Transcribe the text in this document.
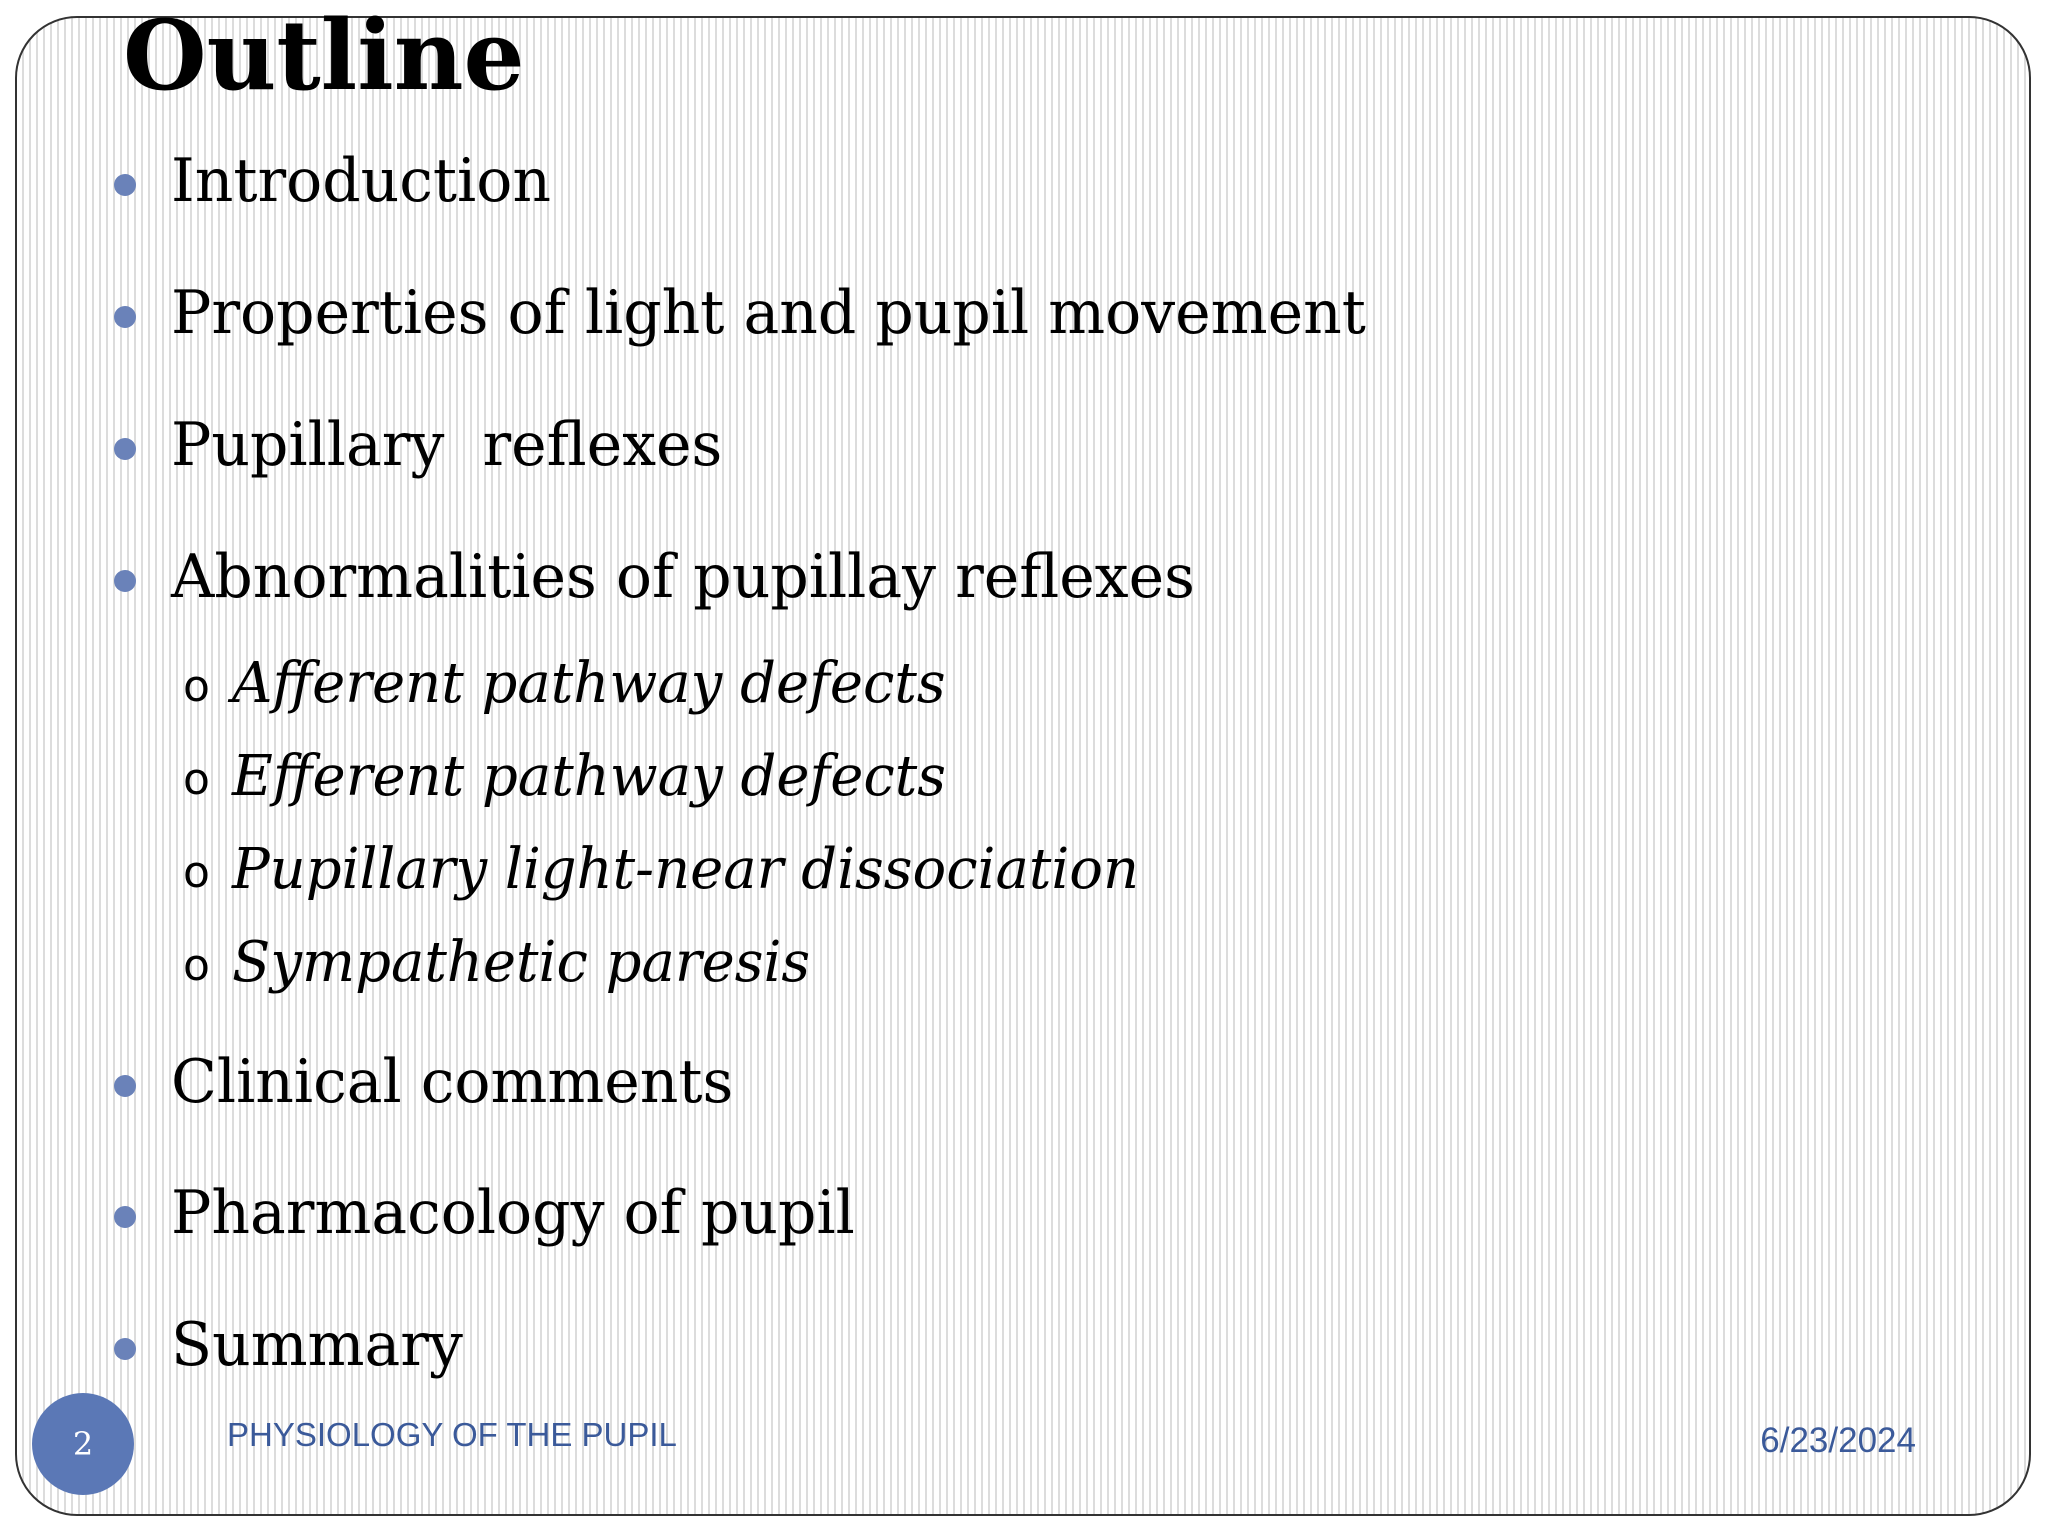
Outline
Introduction
Properties of light and pupil movement
Pupillary  reflexes
Abnormalities of pupillay reflexes
o Afferent pathway defects
o Efferent pathway defects
o Pupillary light-near dissociation
o Sympathetic paresis
Clinical comments
Pharmacology of pupil
Summary
2	PHYSIOLOGY OF THE PUPIL	6/23/2024
